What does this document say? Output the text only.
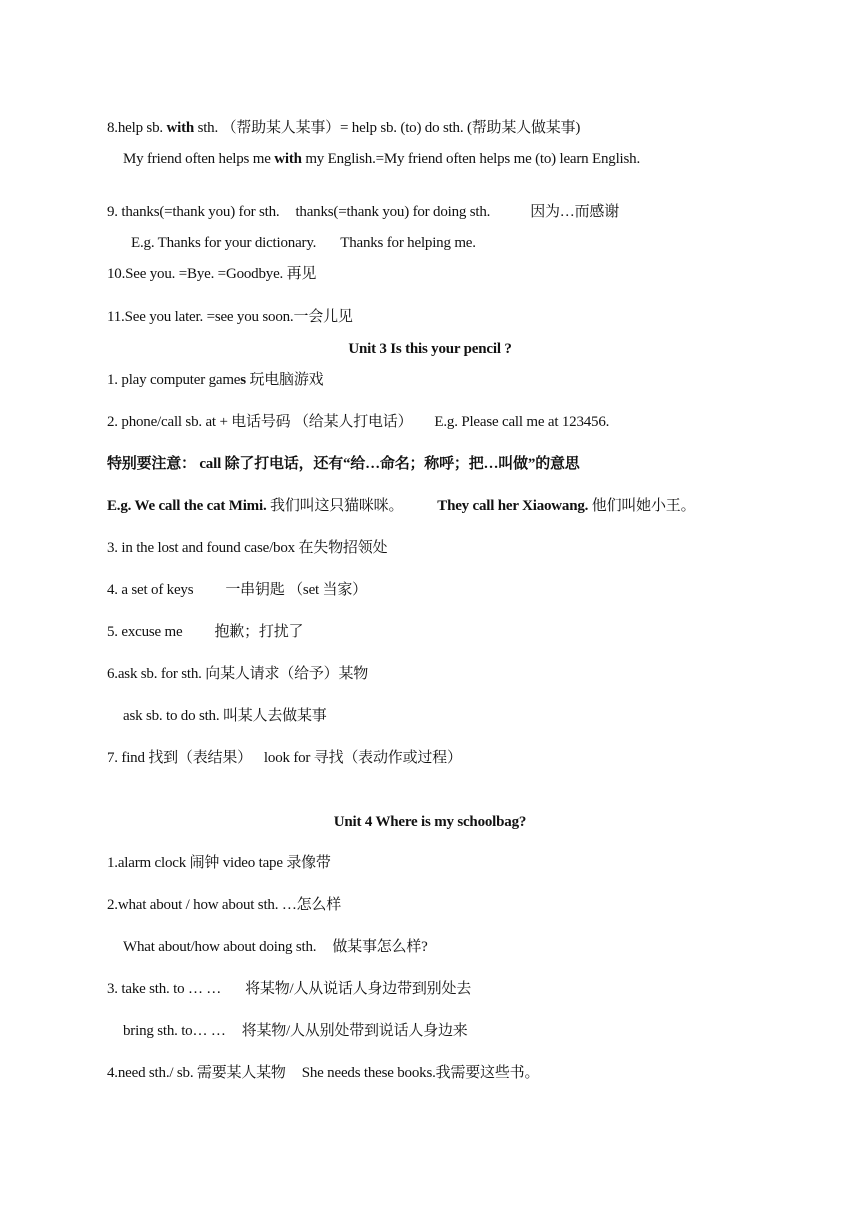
8.help sb. with sth. （帮助某人某事）= help sb. (to) do sth. (帮助某人做某事)
My friend often helps me with my English.=My friend often helps me (to) learn English.
9. thanks(=thank you) for sth. thanks(=thank you) for doing sth.	因为…而感谢
E.g. Thanks for your dictionary. Thanks for helping me.
10.See you. =Bye. =Goodbye. 再见
11.See you later. =see you soon.一会儿见
Unit 3 Is this your pencil ?
1. play computer games 玩电脑游戏
2. phone/call sb. at + 电话号码 （给某人打电话） E.g. Please call me at 123456.
特别要注意： call 除了打电话，还有“给…命名；称呼；把…叫做”的意思
E.g. We call the cat Mimi. 我们叫这只猫咪咪。 They call her Xiaowang. 他们叫她小王。
3. in the lost and found case/box 在失物招领处
4. a set of keys 一串钥匙 （set 当家）
5. excuse me 抱歉；打扰了
6.ask sb. for sth. 向某人请求（给予）某物
ask sb. to do sth. 叫某人去做某事
7. find 找到（表结果） look for 寻找（表动作或过程）
Unit 4 Where is my schoolbag?
1.alarm clock 闹钟 video tape 录像带
2.what about / how about sth. …怎么样
What about/how about doing sth. 做某事怎么样?
3. take sth. to … … 将某物/人从说话人身边带到别处去
bring sth. to… … 将某物/人从别处带到说话人身边来
4.need sth./ sb. 需要某人某物 She needs these books.我需要这些书。
